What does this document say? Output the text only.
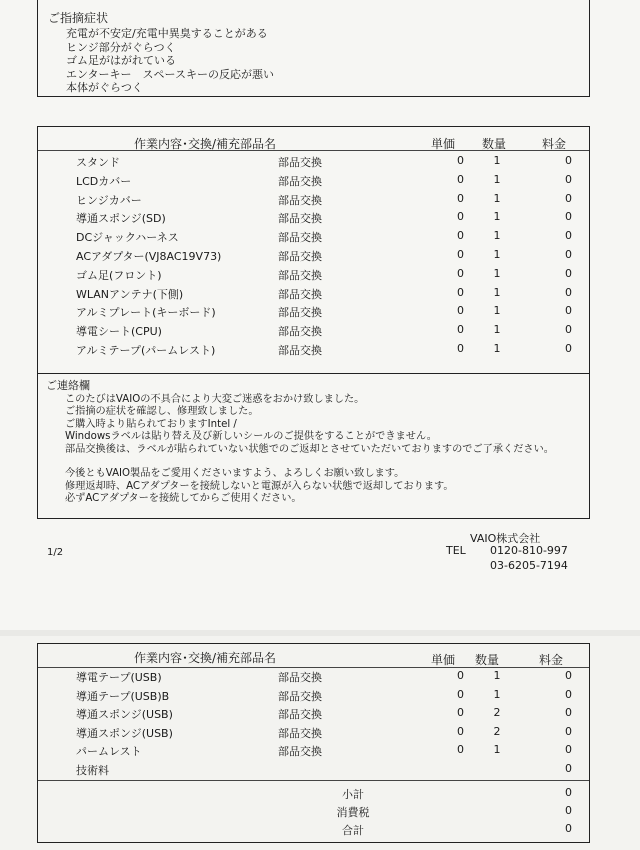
ご指摘症状
充電が不安定/充電中異臭することがある
ヒンジ部分がぐらつく
ゴム足がはがれている
エンターキー　スペースキーの反応が悪い
本体がぐらつく
作業内容･交換/補充部品名	単価 数量	料金
スタンド	部品交換	0	1	0
LCDカバー	部品交換	0	1	0
ヒンジカバー	部品交換	0	1	0
導通スポンジ(SD)	部品交換	0	1	0
DCジャックハーネス	部品交換	0	1	0
ACアダプター(VJ8AC19V73)	部品交換	0	1	0
ゴム足(フロント)	部品交換	0	1	0
WLANアンテナ(下側)	部品交換	0	1	0
アルミプレート(キーボード)	部品交換	0	1	0
導電シート(CPU)	部品交換	0	1	0
アルミテープ(パームレスト)	部品交換	0	1	0
ご連絡欄
このたびはVAIOの不具合により大変ご迷惑をおかけ致しました。
ご指摘の症状を確認し、修理致しました。
ご購入時より貼られておりますIntel /
Windowsラベルは貼り替え及び新しいシールのご提供をすることができません。
部品交換後は、ラベルが貼られていない状態でのご返却とさせていただいておりますのでご了承ください。
今後ともVAIO製品をご愛用くださいますよう、よろしくお願い致します。
修理返却時、ACアダプターを接続しないと電源が入らない状態で返却しております。
必ずACアダプターを接続してからご使用ください。
VAIO株式会社
TEL 0120-810-997
03-6205-7194
1/2
作業内容･交換/補充部品名	単価 数量	料金
導電テープ(USB)	部品交換	0	1	0
導通テープ(USB)B	部品交換	0	1	0
導通スポンジ(USB)	部品交換	0	2	0
導通スポンジ(USB)	部品交換	0	2	0
パームレスト	部品交換	0	1	0
技術料	0
小計	0
消費税	0
合計	0
